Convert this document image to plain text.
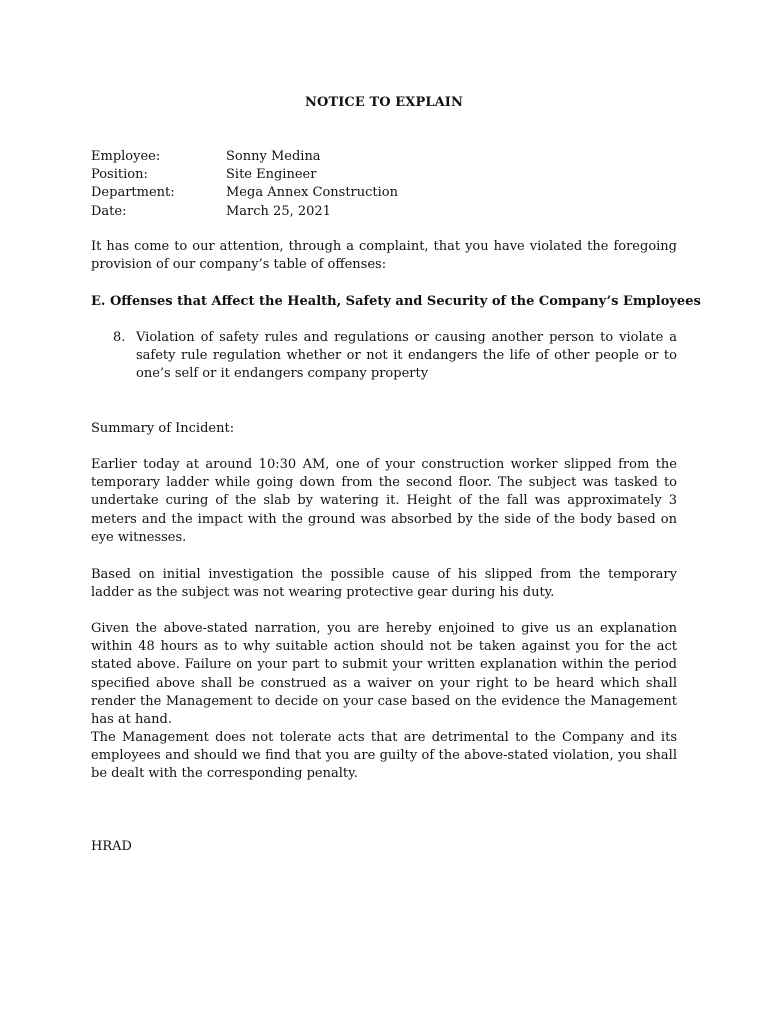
NOTICE TO EXPLAIN
Employee:	Sonny Medina
Position:	Site Engineer
Department:	Mega Annex Construction
Date:	March 25, 2021
It has come to our attention, through a complaint, that you have violated the foregoing provision of our company’s table of offenses:
E. Offenses that Affect the Health, Safety and Security of the Company’s Employees
8. Violation of safety rules and regulations or causing another person to violate a safety rule regulation whether or not it endangers the life of other people or to one’s self or it endangers company property
Summary of Incident:
Earlier today at around 10:30 AM, one of your construction worker slipped from the temporary ladder while going down from the second floor. The subject was tasked to undertake curing of the slab by watering it. Height of the fall was approximately 3 meters and the impact with the ground was absorbed by the side of the body based on eye witnesses.
Based on initial investigation the possible cause of his slipped from the temporary ladder as the subject was not wearing protective gear during his duty.
Given the above-stated narration, you are hereby enjoined to give us an explanation within 48 hours as to why suitable action should not be taken against you for the act stated above. Failure on your part to submit your written explanation within the period specified above shall be construed as a waiver on your right to be heard which shall render the Management to decide on your case based on the evidence the Management has at hand.
The Management does not tolerate acts that are detrimental to the Company and its employees and should we find that you are guilty of the above-stated violation, you shall be dealt with the corresponding penalty.
HRAD
